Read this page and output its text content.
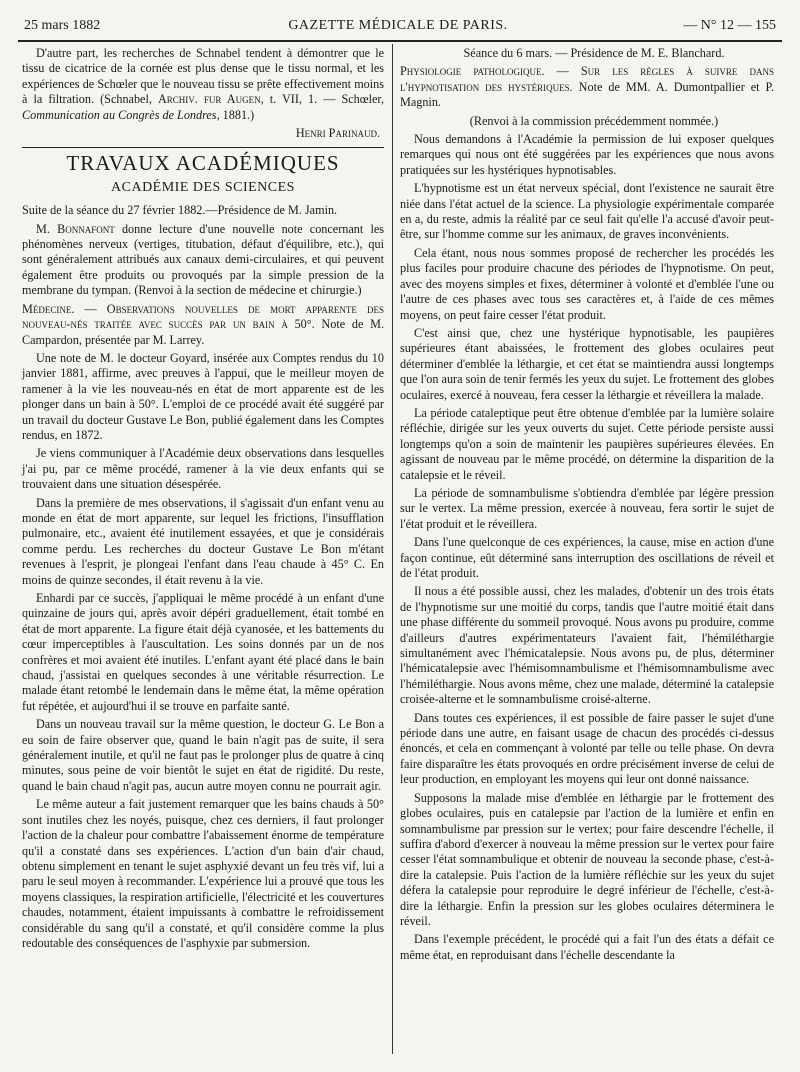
25 mars 1882	GAZETTE MÉDICALE DE PARIS.	— N° 12 — 155

D'autre part, les recherches de Schnabel tendent à démontrer que le tissu de cicatrice de la cornée est plus dense que le tissu normal, et les expériences de Schœler que le nouveau tissu se prête effectivement moins à la filtration. (Schnabel, Archiv. fur Augen, t. VII, 1. — Schœler, Communication au Congrès de Londres, 1881.)

Henri Parinaud.
TRAVAUX ACADÉMIQUES
ACADÉMIE DES SCIENCES

Suite de la séance du 27 février 1882.—Présidence de M. Jamin.

M. Bonnafont donne lecture d'une nouvelle note concernant les phénomènes nerveux (vertiges, titubation, défaut d'équilibre, etc.), qui sont généralement attribués aux canaux demi-circulaires, et qui peuvent également être produits ou provoqués par la simple pression de la membrane du tympan. (Renvoi à la section de médecine et chirurgie.)

Médecine. — Observations nouvelles de mort apparente des nouveau-nés traitée avec succès par un bain à 50°. Note de M. Campardon, présentée par M. Larrey.

Une note de M. le docteur Goyard, insérée aux Comptes rendus du 10 janvier 1881, affirme, avec preuves à l'appui, que le meilleur moyen de ramener à la vie les nouveau-nés en état de mort apparente est de les plonger dans un bain à 50°. L'emploi de ce procédé avait été suggéré par un travail du docteur Gustave Le Bon, publié également dans les Comptes rendus, en 1872.

Je viens communiquer à l'Académie deux observations dans lesquelles j'ai pu, par ce même procédé, ramener à la vie deux enfants qui se trouvaient dans une situation désespérée.

Dans la première de mes observations, il s'agissait d'un enfant venu au monde en état de mort apparente, sur lequel les frictions, l'insufflation pulmonaire, etc., avaient été inutilement essayées, et que je considérais comme perdu. Les recherches du docteur Gustave Le Bon m'étant revenues à l'esprit, je plongeai l'enfant dans l'eau chaude à 45° C. En moins de quinze secondes, il était revenu à la vie.

Enhardi par ce succès, j'appliquai le même procédé à un enfant d'une quinzaine de jours qui, après avoir dépéri graduellement, était tombé en état de mort apparente. La figure était déjà cyanosée, et les battements du cœur imperceptibles à l'auscultation. Les soins donnés par un de nos confrères et moi avaient été inutiles. L'enfant ayant été placé dans le bain chaud, j'assistai en quelques secondes à une véritable résurrection. Le malade étant retombé le lendemain dans le même état, la même opération fut répétée, et aujourd'hui il se trouve en parfaite santé.

Dans un nouveau travail sur la même question, le docteur G. Le Bon a eu soin de faire observer que, quand le bain n'agit pas de suite, il sera généralement inutile, et qu'il ne faut pas le prolonger plus de quatre à cinq minutes, sous peine de voir bientôt le sujet en état de rigidité. Du reste, quand le bain chaud n'agit pas, aucun autre moyen connu ne pourrait agir.

Le même auteur a fait justement remarquer que les bains chauds à 50° sont inutiles chez les noyés, puisque, chez ces derniers, il faut prolonger l'action de la chaleur pour combattre l'abaissement énorme de température qu'il a constaté dans ses expériences. L'action d'un bain d'air chaud, obtenu simplement en tenant le sujet asphyxié devant un feu très vif, lui a paru le seul moyen à recommander. L'expérience lui a prouvé que tous les moyens classiques, la respiration artificielle, l'électricité et les couvertures chaudes, notamment, étaient impuissants à combattre le refroidissement considérable du sang qu'il a constaté, et qu'il considère comme la plus redoutable des conséquences de l'asphyxie par submersion.

Séance du 6 mars. — Présidence de M. E. Blanchard.

Physiologie pathologique. — Sur les règles à suivre dans l'hypnotisation des hystériques. Note de MM. A. Dumontpallier et P. Magnin.

(Renvoi à la commission précédemment nommée.)

Nous demandons à l'Académie la permission de lui exposer quelques remarques qui nous ont été suggérées par les expériences que nous avons pratiquées sur les hystériques hypnotisables.

L'hypnotisme est un état nerveux spécial, dont l'existence ne saurait être niée dans l'état actuel de la science. La physiologie expérimentale comparée en a, du reste, admis la réalité par ce seul fait qu'elle l'a accusé d'avoir peut-être, sur l'homme comme sur les animaux, de graves inconvénients.

Cela étant, nous nous sommes proposé de rechercher les procédés les plus faciles pour produire chacune des périodes de l'hypnotisme. On peut, avec des moyens simples et fixes, déterminer à volonté et d'emblée l'une ou l'autre de ces phases avec tous ses caractères et, à l'aide de ces mêmes moyens, on peut faire cesser l'état produit.

C'est ainsi que, chez une hystérique hypnotisable, les paupières supérieures étant abaissées, le frottement des globes oculaires peut déterminer d'emblée la léthargie, et cet état se maintiendra aussi longtemps que l'on aura soin de tenir fermés les yeux du sujet. Le frottement des globes oculaires, exercé à nouveau, fera cesser la léthargie et réveillera la malade.

La période cataleptique peut être obtenue d'emblée par la lumière solaire réfléchie, dirigée sur les yeux ouverts du sujet. Cette période persiste aussi longtemps qu'on a soin de maintenir les paupières supérieures élevées. En agissant de nouveau par le même procédé, on détermine la disparition de la catalepsie et le réveil.

La période de somnambulisme s'obtiendra d'emblée par légère pression sur le vertex. La même pression, exercée à nouveau, fera sortir le sujet de l'état produit et le réveillera.

Dans l'une quelconque de ces expériences, la cause, mise en action d'une façon continue, eût déterminé sans interruption des oscillations de réveil et de l'état produit.

Il nous a été possible aussi, chez les malades, d'obtenir un des trois états de l'hypnotisme sur une moitié du corps, tandis que l'autre moitié était dans une phase différente du sommeil provoqué. Nous avons pu produire, comme d'ailleurs d'autres expérimentateurs l'avaient fait, l'hémiléthargie simultanément avec l'hémicatalepsie. Nous avons pu, de plus, déterminer l'hémicatalepsie avec l'hémisomnambulisme et l'hémisomnambulisme avec l'hémiléthargie. Nous avons même, chez une malade, déterminé la catalepsie croisée-alterne et le somnambulisme croisé-alterne.

Dans toutes ces expériences, il est possible de faire passer le sujet d'une période dans une autre, en faisant usage de chacun des procédés ci-dessus énoncés, et cela en commençant à volonté par telle ou telle phase. On devra faire disparaître les états provoqués en ordre précisément inverse de celui de leur production, en employant les moyens qui leur ont donné naissance.

Supposons la malade mise d'emblée en léthargie par le frottement des globes oculaires, puis en catalepsie par l'action de la lumière et enfin en somnambulisme par pression sur le vertex; pour faire descendre l'échelle, il suffira d'abord d'exercer à nouveau la même pression sur le vertex pour faire cesser l'état somnambulique et obtenir de nouveau la seconde phase, c'est-à-dire la catalepsie. Puis l'action de la lumière réfléchie sur les yeux du sujet défera la catalepsie pour reproduire le degré inférieur de l'échelle, c'est-à-dire la léthargie. Enfin la pression sur les globes oculaires déterminera le réveil.

Dans l'exemple précédent, le procédé qui a fait l'un des états a défait ce même état, en reproduisant dans l'échelle descendante la
